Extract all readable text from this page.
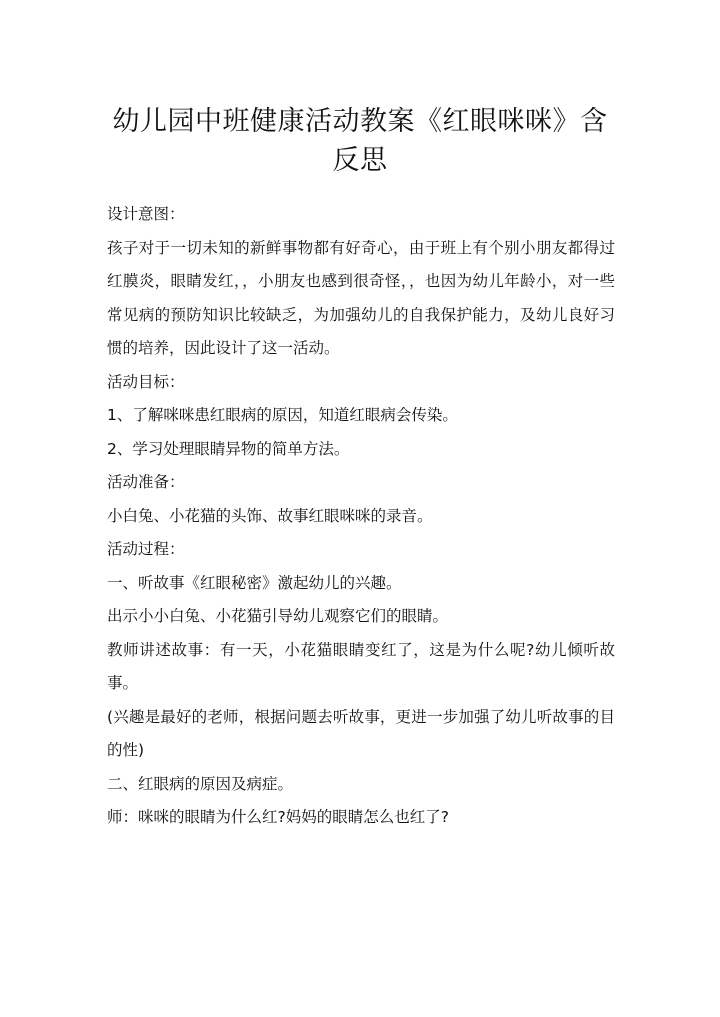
幼儿园中班健康活动教案《红眼咪咪》含反思

设计意图：

孩子对于一切未知的新鲜事物都有好奇心，由于班上有个别小朋友都得过红膜炎，眼睛发红，，小朋友也感到很奇怪，，也因为幼儿年龄小，对一些常见病的预防知识比较缺乏，为加强幼儿的自我保护能力，及幼儿良好习惯的培养，因此设计了这一活动。

活动目标：

1、了解咪咪患红眼病的原因，知道红眼病会传染。

2、学习处理眼睛异物的简单方法。

活动准备：

小白兔、小花猫的头饰、故事红眼咪咪的录音。

活动过程：

一、听故事《红眼秘密》激起幼儿的兴趣。

出示小小白兔、小花猫引导幼儿观察它们的眼睛。

教师讲述故事：有一天，小花猫眼睛变红了，这是为什么呢?幼儿倾听故事。

(兴趣是最好的老师，根据问题去听故事，更进一步加强了幼儿听故事的目的性)

二、红眼病的原因及病症。

师：咪咪的眼睛为什么红?妈妈的眼睛怎么也红了?
